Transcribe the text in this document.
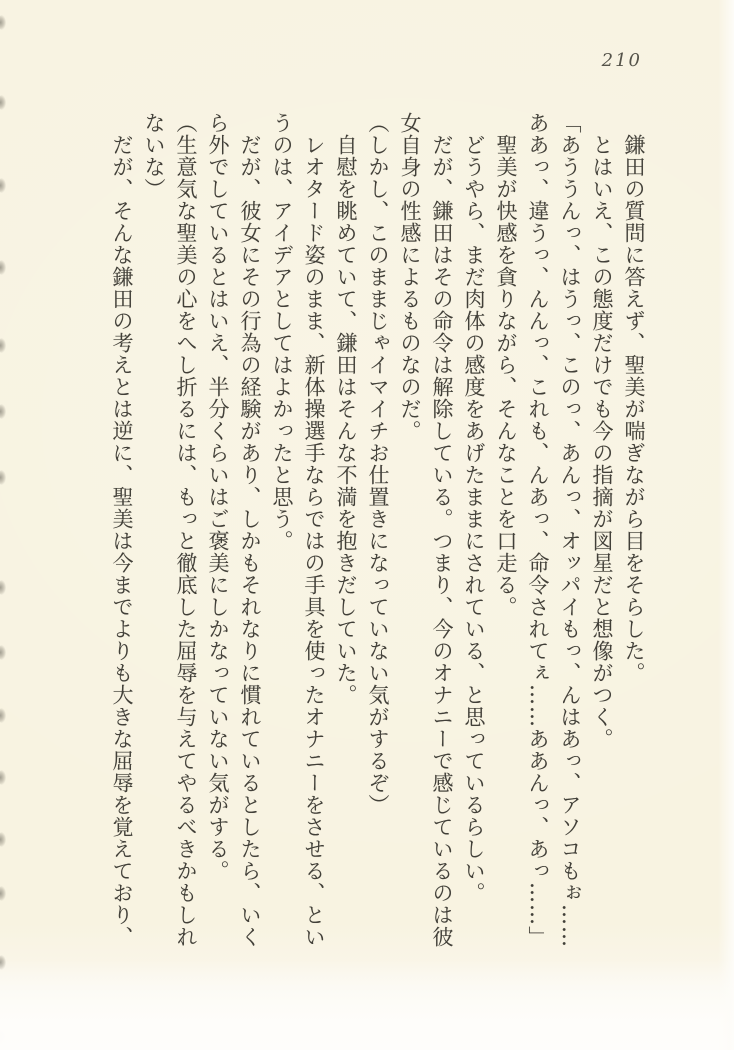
210

鎌田の質問に答えず、聖美が喘ぎながら目をそらした。

とはいえ、この態度だけでも今の指摘が図星だと想像がつく。

「あううんっ、はうっ、このっ、あんっ、オッパイもっ、んはあっ、アソコもぉ……ああっ、違うっ、んんっ、これも、んあっ、命令されてぇ……ああんっ、あっ……」

聖美が快感を貪りながら、そんなことを口走る。

どうやら、まだ肉体の感度をあげたままにされている、と思っているらしい。

だが、鎌田はその命令は解除している。つまり、今のオナニーで感じているのは彼女自身の性感によるものなのだ。

（しかし、このままじゃイマイチお仕置きになっていない気がするぞ）

自慰を眺めていて、鎌田はそんな不満を抱きだしていた。

レオタード姿のまま、新体操選手ならではの手具を使ったオナニーをさせる、というのは、アイデアとしてはよかったと思う。

だが、彼女にその行為の経験があり、しかもそれなりに慣れているとしたら、いくら外でしているとはいえ、半分くらいはご褒美にしかなっていない気がする。

（生意気な聖美の心をへし折るには、もっと徹底した屈辱を与えてやるべきかもしれないな）

だが、そんな鎌田の考えとは逆に、聖美は今までよりも大きな屈辱を覚えており、
